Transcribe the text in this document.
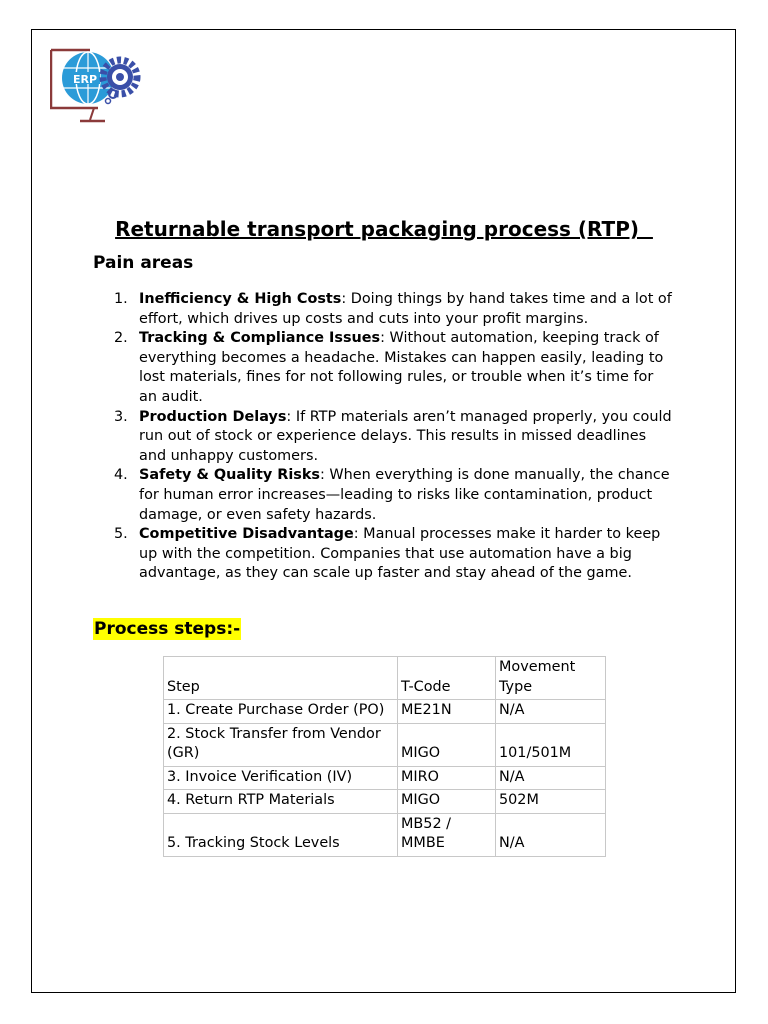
ERP
Returnable transport packaging process (RTP)
Pain areas
1. Inefficiency & High Costs: Doing things by hand takes time and a lot of effort, which drives up costs and cuts into your profit margins.
2. Tracking & Compliance Issues: Without automation, keeping track of everything becomes a headache. Mistakes can happen easily, leading to lost materials, fines for not following rules, or trouble when it’s time for an audit.
3. Production Delays: If RTP materials aren’t managed properly, you could run out of stock or experience delays. This results in missed deadlines and unhappy customers.
4. Safety & Quality Risks: When everything is done manually, the chance for human error increases—leading to risks like contamination, product damage, or even safety hazards.
5. Competitive Disadvantage: Manual processes make it harder to keep up with the competition. Companies that use automation have a big advantage, as they can scale up faster and stay ahead of the game.
Process steps:-
Step	T-Code	Movement Type
1. Create Purchase Order (PO)	ME21N	N/A
2. Stock Transfer from Vendor (GR)	MIGO	101/501M
3. Invoice Verification (IV)	MIRO	N/A
4. Return RTP Materials	MIGO	502M
5. Tracking Stock Levels	MB52 / MMBE	N/A
